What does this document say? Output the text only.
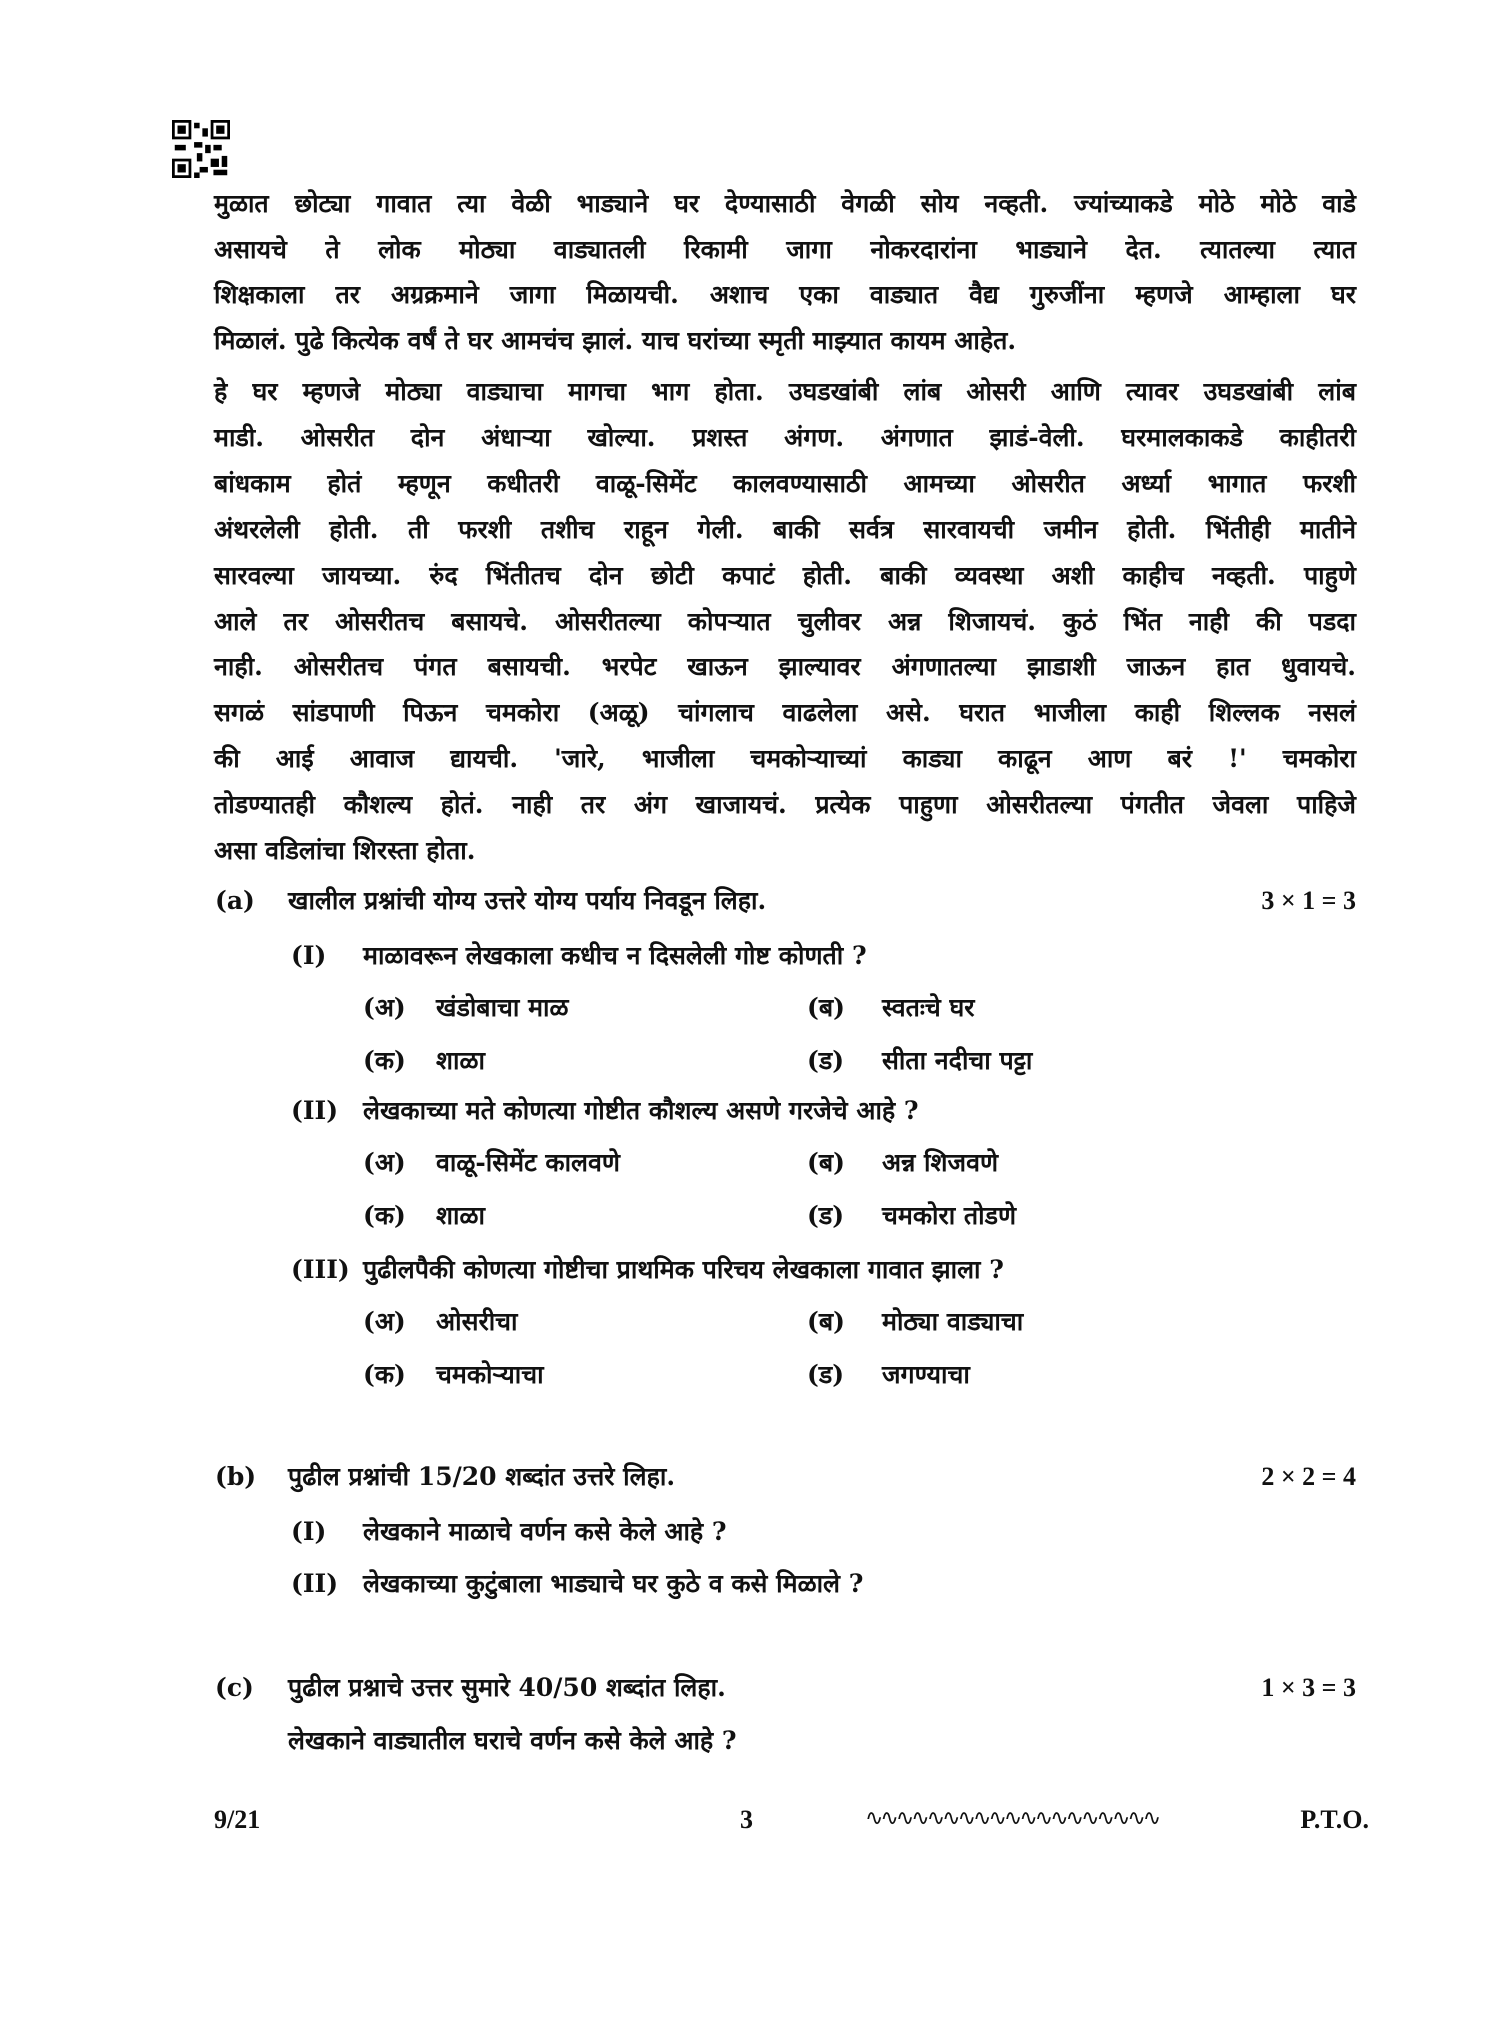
मुळात छोट्या गावात त्या वेळी भाड्याने घर देण्यासाठी वेगळी सोय नव्हती. ज्यांच्याकडे मोठे मोठे वाडे
असायचे ते लोक मोठ्या वाड्यातली रिकामी जागा नोकरदारांना भाड्याने देत. त्यातल्या त्यात
शिक्षकाला तर अग्रक्रमाने जागा मिळायची. अशाच एका वाड्यात वैद्य गुरुजींना म्हणजे आम्हाला घर
मिळालं. पुढे कित्येक वर्षं ते घर आमचंच झालं. याच घरांच्या स्मृती माझ्यात कायम आहेत.
हे घर म्हणजे मोठ्या वाड्याचा मागचा भाग होता. उघडखांबी लांब ओसरी आणि त्यावर उघडखांबी लांब
माडी. ओसरीत दोन अंधाऱ्या खोल्या. प्रशस्त अंगण. अंगणात झाडं-वेली. घरमालकाकडे काहीतरी
बांधकाम होतं म्हणून कधीतरी वाळू-सिमेंट कालवण्यासाठी आमच्या ओसरीत अर्ध्या भागात फरशी
अंथरलेली होती. ती फरशी तशीच राहून गेली. बाकी सर्वत्र सारवायची जमीन होती. भिंतीही मातीने
सारवल्या जायच्या. रुंद भिंतीतच दोन छोटी कपाटं होती. बाकी व्यवस्था अशी काहीच नव्हती. पाहुणे
आले तर ओसरीतच बसायचे. ओसरीतल्या कोपऱ्यात चुलीवर अन्न शिजायचं. कुठं भिंत नाही की पडदा
नाही. ओसरीतच पंगत बसायची. भरपेट खाऊन झाल्यावर अंगणातल्या झाडाशी जाऊन हात धुवायचे.
सगळं सांडपाणी पिऊन चमकोरा (अळू) चांगलाच वाढलेला असे. घरात भाजीला काही शिल्लक नसलं
की आई आवाज द्यायची. 'जारे, भाजीला चमकोऱ्याच्यां काड्या काढून आण बरं !' चमकोरा
तोडण्यातही कौशल्य होतं. नाही तर अंग खाजायचं. प्रत्येक पाहुणा ओसरीतल्या पंगतीत जेवला पाहिजे
असा वडिलांचा शिरस्ता होता.
(a) खालील प्रश्नांची योग्य उत्तरे योग्य पर्याय निवडून लिहा.	3 × 1 = 3
(I) माळावरून लेखकाला कधीच न दिसलेली गोष्ट कोणती ?
(अ) खंडोबाचा माळ	(ब) स्वतःचे घर
(क) शाळा	(ड) सीता नदीचा पट्टा
(II) लेखकाच्या मते कोणत्या गोष्टीत कौशल्य असणे गरजेचे आहे ?
(अ) वाळू-सिमेंट कालवणे	(ब) अन्न शिजवणे
(क) शाळा	(ड) चमकोरा तोडणे
(III) पुढीलपैकी कोणत्या गोष्टीचा प्राथमिक परिचय लेखकाला गावात झाला ?
(अ) ओसरीचा	(ब) मोठ्या वाड्याचा
(क) चमकोऱ्याचा	(ड) जगण्याचा
(b) पुढील प्रश्नांची 15/20 शब्दांत उत्तरे लिहा.	2 × 2 = 4
(I) लेखकाने माळाचे वर्णन कसे केले आहे ?
(II) लेखकाच्या कुटुंबाला भाड्याचे घर कुठे व कसे मिळाले ?
(c) पुढील प्रश्नाचे उत्तर सुमारे 40/50 शब्दांत लिहा.	1 × 3 = 3
लेखकाने वाड्यातील घराचे वर्णन कसे केले आहे ?
9/21	3	∿∿∿∿∿∿∿∿∿∿∿∿∿∿∿∿∿∿∿	P.T.O.
